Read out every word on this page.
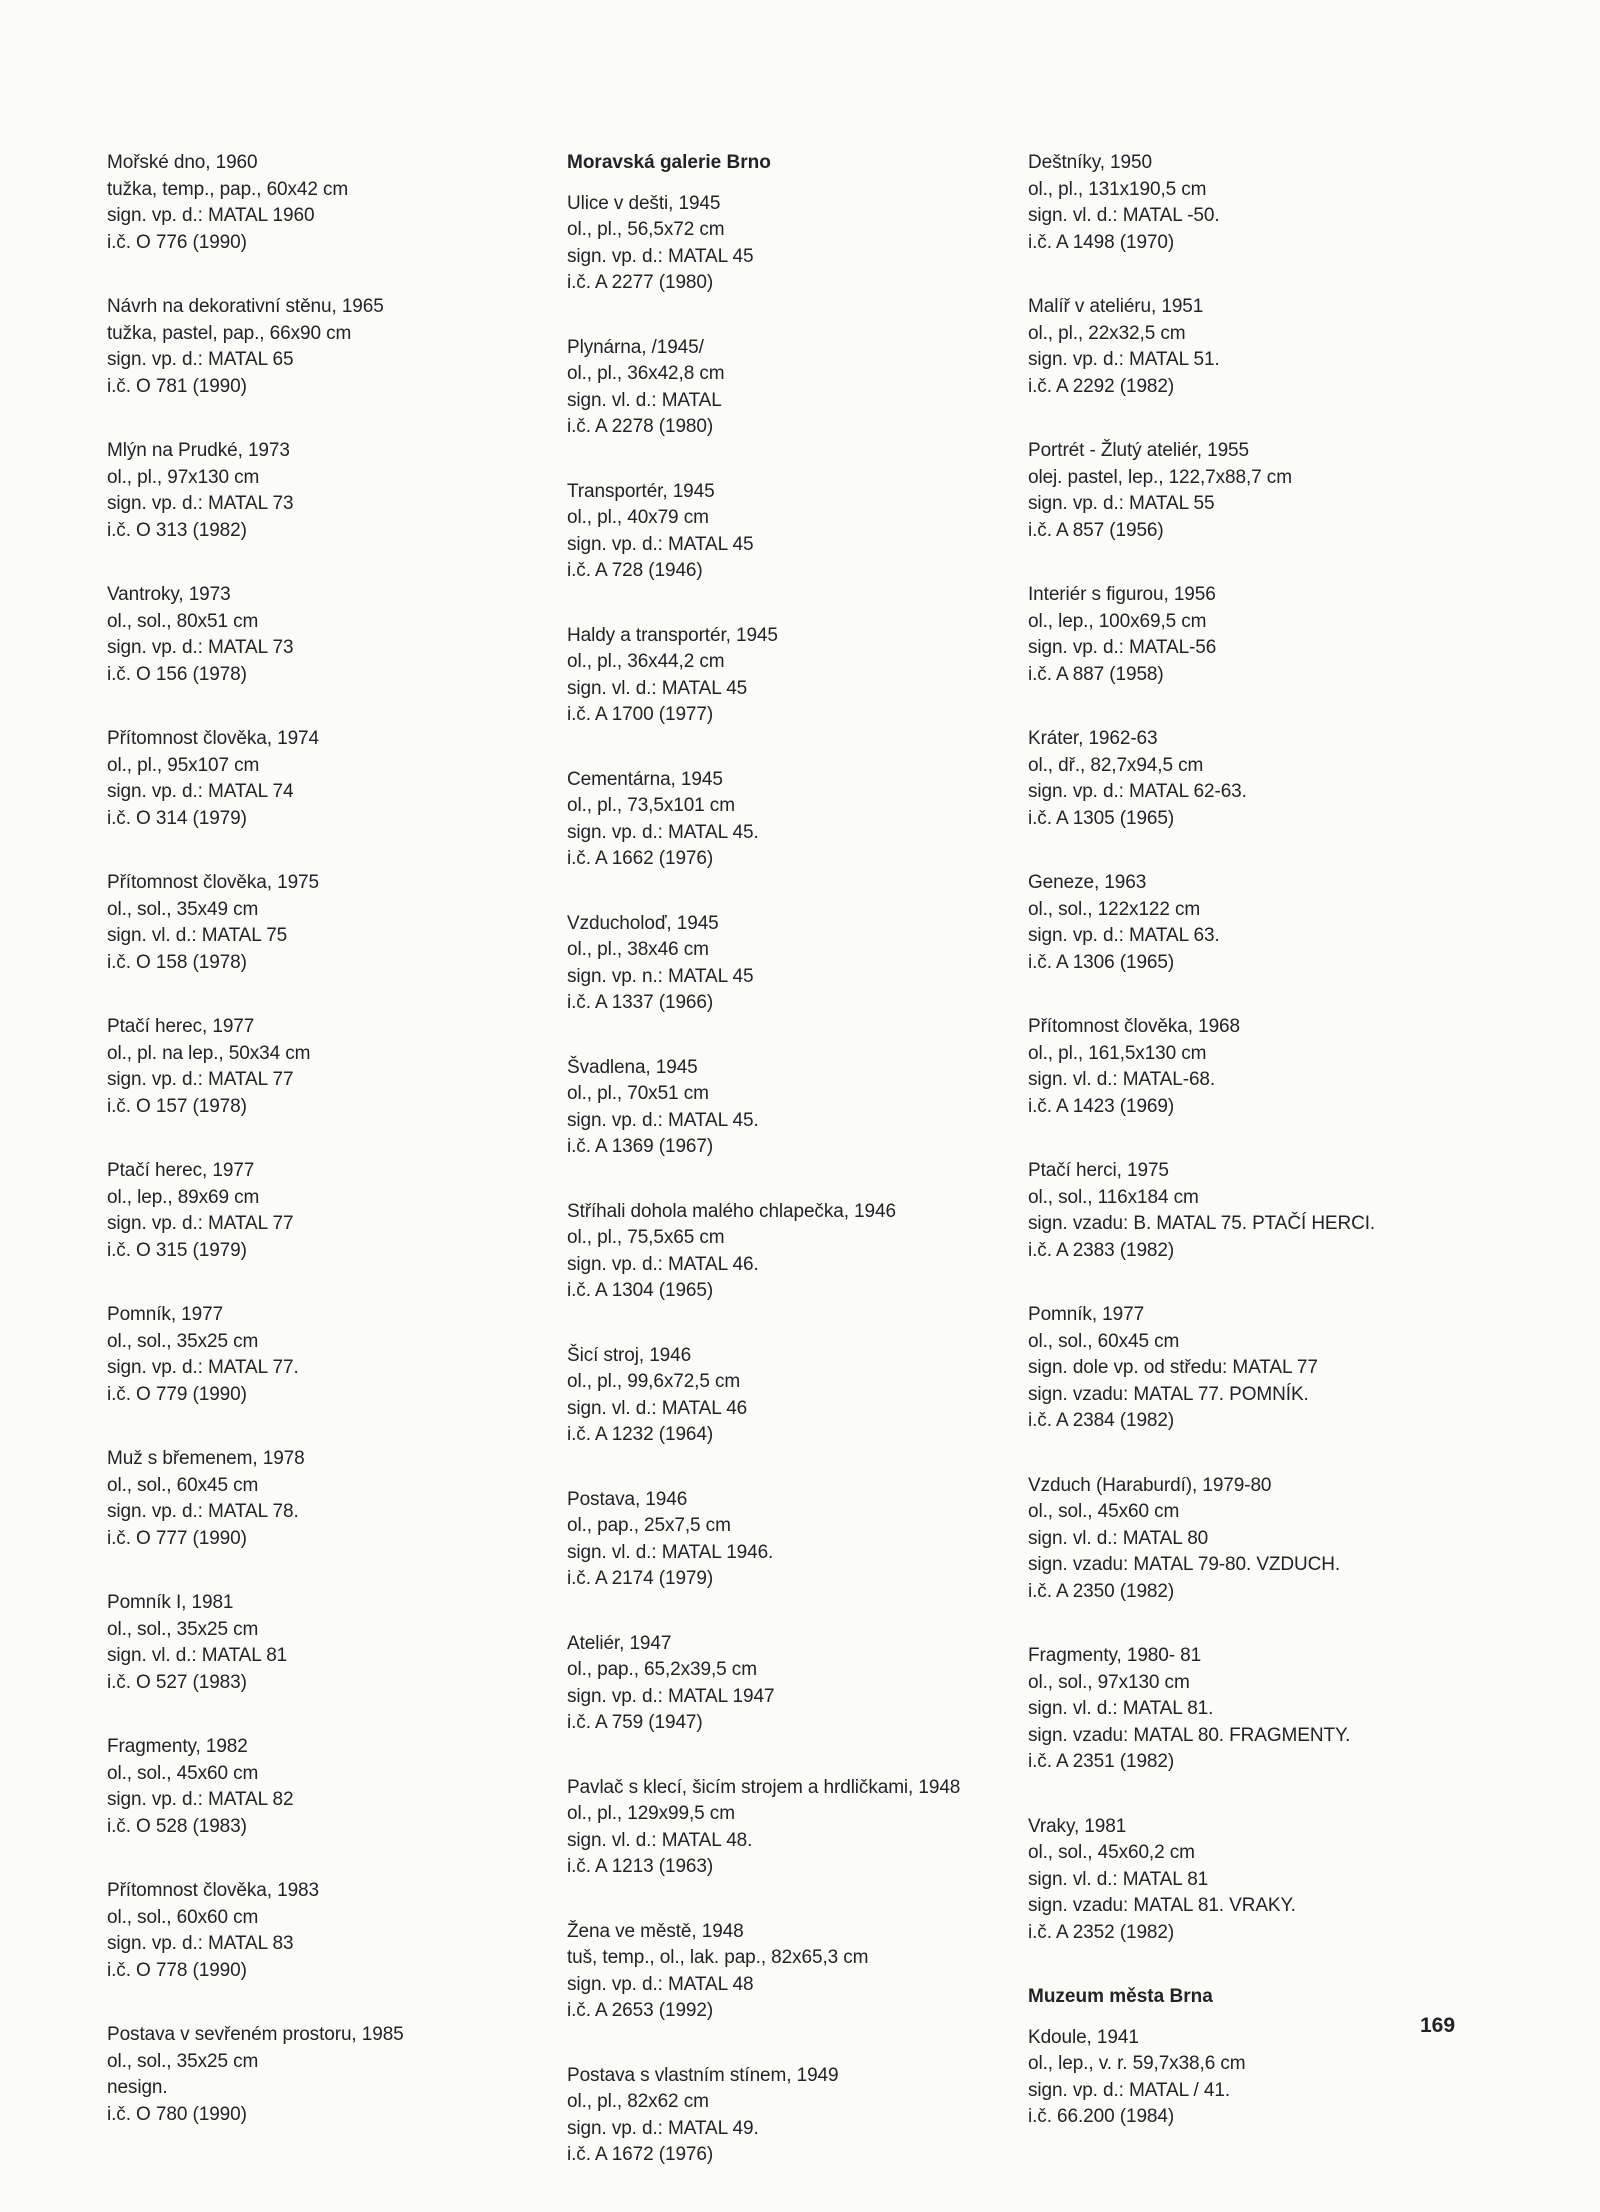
Mořské dno, 1960
tužka, temp., pap., 60x42 cm
sign. vp. d.: MATAL 1960
i.č. O 776 (1990)
Návrh na dekorativní stěnu, 1965
tužka, pastel, pap., 66x90 cm
sign. vp. d.: MATAL 65
i.č. O 781 (1990)
Mlýn na Prudké, 1973
ol., pl., 97x130 cm
sign. vp. d.: MATAL 73
i.č. O 313 (1982)
Vantroky, 1973
ol., sol., 80x51 cm
sign. vp. d.: MATAL 73
i.č. O 156 (1978)
Přítomnost člověka, 1974
ol., pl., 95x107 cm
sign. vp. d.: MATAL 74
i.č. O 314 (1979)
Přítomnost člověka, 1975
ol., sol., 35x49 cm
sign. vl. d.: MATAL 75
i.č. O 158 (1978)
Ptačí herec, 1977
ol., pl. na lep., 50x34 cm
sign. vp. d.: MATAL 77
i.č. O 157 (1978)
Ptačí herec, 1977
ol., lep., 89x69 cm
sign. vp. d.: MATAL 77
i.č. O 315 (1979)
Pomník, 1977
ol., sol., 35x25 cm
sign. vp. d.: MATAL 77.
i.č. O 779 (1990)
Muž s břemenem, 1978
ol., sol., 60x45 cm
sign. vp. d.: MATAL 78.
i.č. O 777 (1990)
Pomník I, 1981
ol., sol., 35x25 cm
sign. vl. d.: MATAL 81
i.č. O 527 (1983)
Fragmenty, 1982
ol., sol., 45x60 cm
sign. vp. d.: MATAL 82
i.č. O 528 (1983)
Přítomnost člověka, 1983
ol., sol., 60x60 cm
sign. vp. d.: MATAL 83
i.č. O 778 (1990)
Postava v sevřeném prostoru, 1985
ol., sol., 35x25 cm
nesign.
i.č. O 780 (1990)
Moravská galerie Brno
Ulice v dešti, 1945
ol., pl., 56,5x72 cm
sign. vp. d.: MATAL 45
i.č. A 2277 (1980)
Plynárna, /1945/
ol., pl., 36x42,8 cm
sign. vl. d.: MATAL
i.č. A 2278 (1980)
Transportér, 1945
ol., pl., 40x79 cm
sign. vp. d.: MATAL 45
i.č. A 728 (1946)
Haldy a transportér, 1945
ol., pl., 36x44,2 cm
sign. vl. d.: MATAL 45
i.č. A 1700 (1977)
Cementárna, 1945
ol., pl., 73,5x101 cm
sign. vp. d.: MATAL 45.
i.č. A 1662 (1976)
Vzducholoď, 1945
ol., pl., 38x46 cm
sign. vp. n.: MATAL 45
i.č. A 1337 (1966)
Švadlena, 1945
ol., pl., 70x51 cm
sign. vp. d.: MATAL 45.
i.č. A 1369 (1967)
Stříhali dohola malého chlapečka, 1946
ol., pl., 75,5x65 cm
sign. vp. d.: MATAL 46.
i.č. A 1304 (1965)
Šicí stroj, 1946
ol., pl., 99,6x72,5 cm
sign. vl. d.: MATAL 46
i.č. A 1232 (1964)
Postava, 1946
ol., pap., 25x7,5 cm
sign. vl. d.: MATAL 1946.
i.č. A 2174 (1979)
Ateliér, 1947
ol., pap., 65,2x39,5 cm
sign. vp. d.: MATAL 1947
i.č. A 759 (1947)
Pavlač s klecí, šicím strojem a hrdličkami, 1948
ol., pl., 129x99,5 cm
sign. vl. d.: MATAL 48.
i.č. A 1213 (1963)
Žena ve městě, 1948
tuš, temp., ol., lak. pap., 82x65,3 cm
sign. vp. d.: MATAL 48
i.č. A 2653 (1992)
Postava s vlastním stínem, 1949
ol., pl., 82x62 cm
sign. vp. d.: MATAL 49.
i.č. A 1672 (1976)
Deštníky, 1950
ol., pl., 131x190,5 cm
sign. vl. d.: MATAL -50.
i.č. A 1498 (1970)
Malíř v ateliéru, 1951
ol., pl., 22x32,5 cm
sign. vp. d.: MATAL 51.
i.č. A 2292 (1982)
Portrét - Žlutý ateliér, 1955
olej. pastel, lep., 122,7x88,7 cm
sign. vp. d.: MATAL 55
i.č. A 857 (1956)
Interiér s figurou, 1956
ol., lep., 100x69,5 cm
sign. vp. d.: MATAL-56
i.č. A 887 (1958)
Kráter, 1962-63
ol., dř., 82,7x94,5 cm
sign. vp. d.: MATAL 62-63.
i.č. A 1305 (1965)
Geneze, 1963
ol., sol., 122x122 cm
sign. vp. d.: MATAL 63.
i.č. A 1306 (1965)
Přítomnost člověka, 1968
ol., pl., 161,5x130 cm
sign. vl. d.: MATAL-68.
i.č. A 1423 (1969)
Ptačí herci, 1975
ol., sol., 116x184 cm
sign. vzadu: B. MATAL 75. PTAČÍ HERCI.
i.č. A 2383 (1982)
Pomník, 1977
ol., sol., 60x45 cm
sign. dole vp. od středu: MATAL 77
sign. vzadu: MATAL 77. POMNÍK.
i.č. A 2384 (1982)
Vzduch (Haraburdí), 1979-80
ol., sol., 45x60 cm
sign. vl. d.: MATAL 80
sign. vzadu: MATAL 79-80. VZDUCH.
i.č. A 2350 (1982)
Fragmenty, 1980- 81
ol., sol., 97x130 cm
sign. vl. d.: MATAL 81.
sign. vzadu: MATAL 80. FRAGMENTY.
i.č. A 2351 (1982)
Vraky, 1981
ol., sol., 45x60,2 cm
sign. vl. d.: MATAL 81
sign. vzadu: MATAL 81. VRAKY.
i.č. A 2352 (1982)
Muzeum města Brna
Kdoule, 1941
ol., lep., v. r. 59,7x38,6 cm
sign. vp. d.: MATAL / 41.
i.č. 66.200 (1984)
169
